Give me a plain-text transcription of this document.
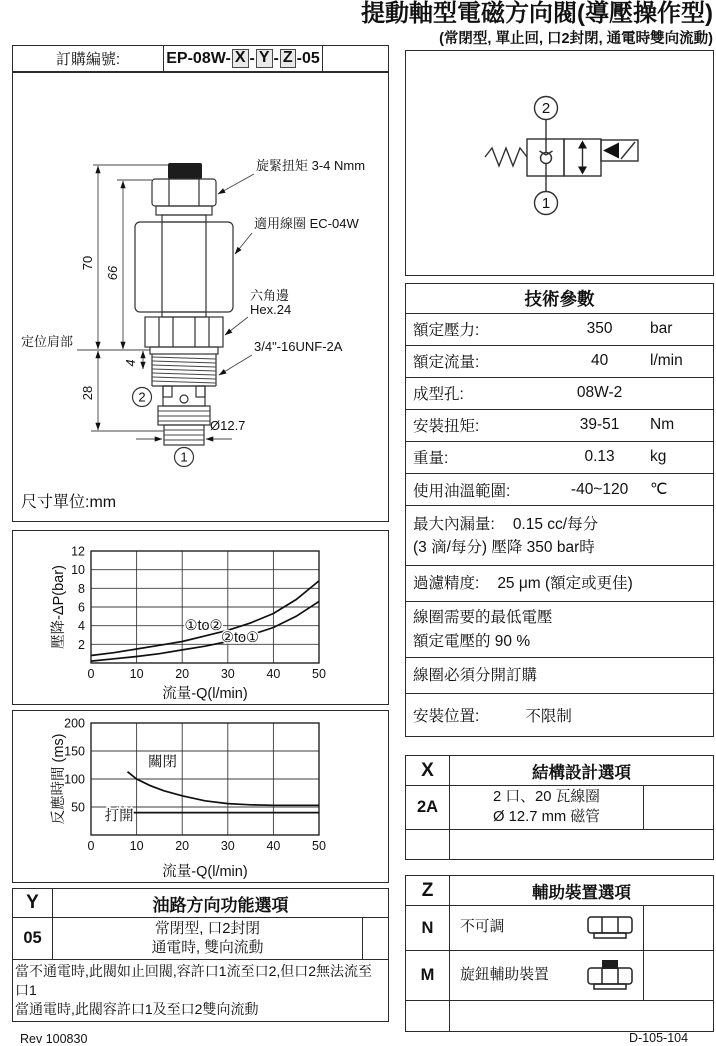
提動軸型電磁方向閥(導壓操作型)
(常閉型, 單止回, 口2封閉, 通電時雙向流動)
訂購編號:	EP-08W- X - Y - Z -05
70
66
28
4
Ø12.7
2
1
旋緊扭矩 3-4 Nmm
適用線圈 EC-04W
六角邊
Hex.24
3/4"-16UNF-2A
定位肩部
尺寸單位:mm
0	10	20	30	40	50
2
4
6
8
10
12
①to②
②to①
流量-Q(l/min)
壓降-ΔP(bar)
0	10	20	30	40	50
50
100
150
200
關閉
打開
流量-Q(l/min)
反應時間 (ms)
Y	油路方向功能選項
05
常閉型, 口2封閉
通電時, 雙向流動
當不通電時,此閥如止回閥,容許口1流至口2,但口2無法流至口1
當通電時,此閥容許口1及至口2雙向流動
2
1
技術參數
額定壓力:	350	bar
額定流量:	40	l/min
成型孔:	08W-2
安裝扭矩:	39-51	Nm
重量:	0.13	kg
使用油溫範圍:	-40~120	℃
最大內漏量: 0.15 cc/每分
(3 滴/每分) 壓降 350 bar時
過濾精度: 25 μm (額定或更佳)
線圈需要的最低電壓
額定電壓的 90 %
線圈必須分開訂購
安裝位置:	不限制
X	結構設計選項
2A
2 口、20 瓦線圈
Ø 12.7 mm 磁管
Z	輔助裝置選項
N	不可調
M	旋鈕輔助裝置
Rev 100830	D-105-104
